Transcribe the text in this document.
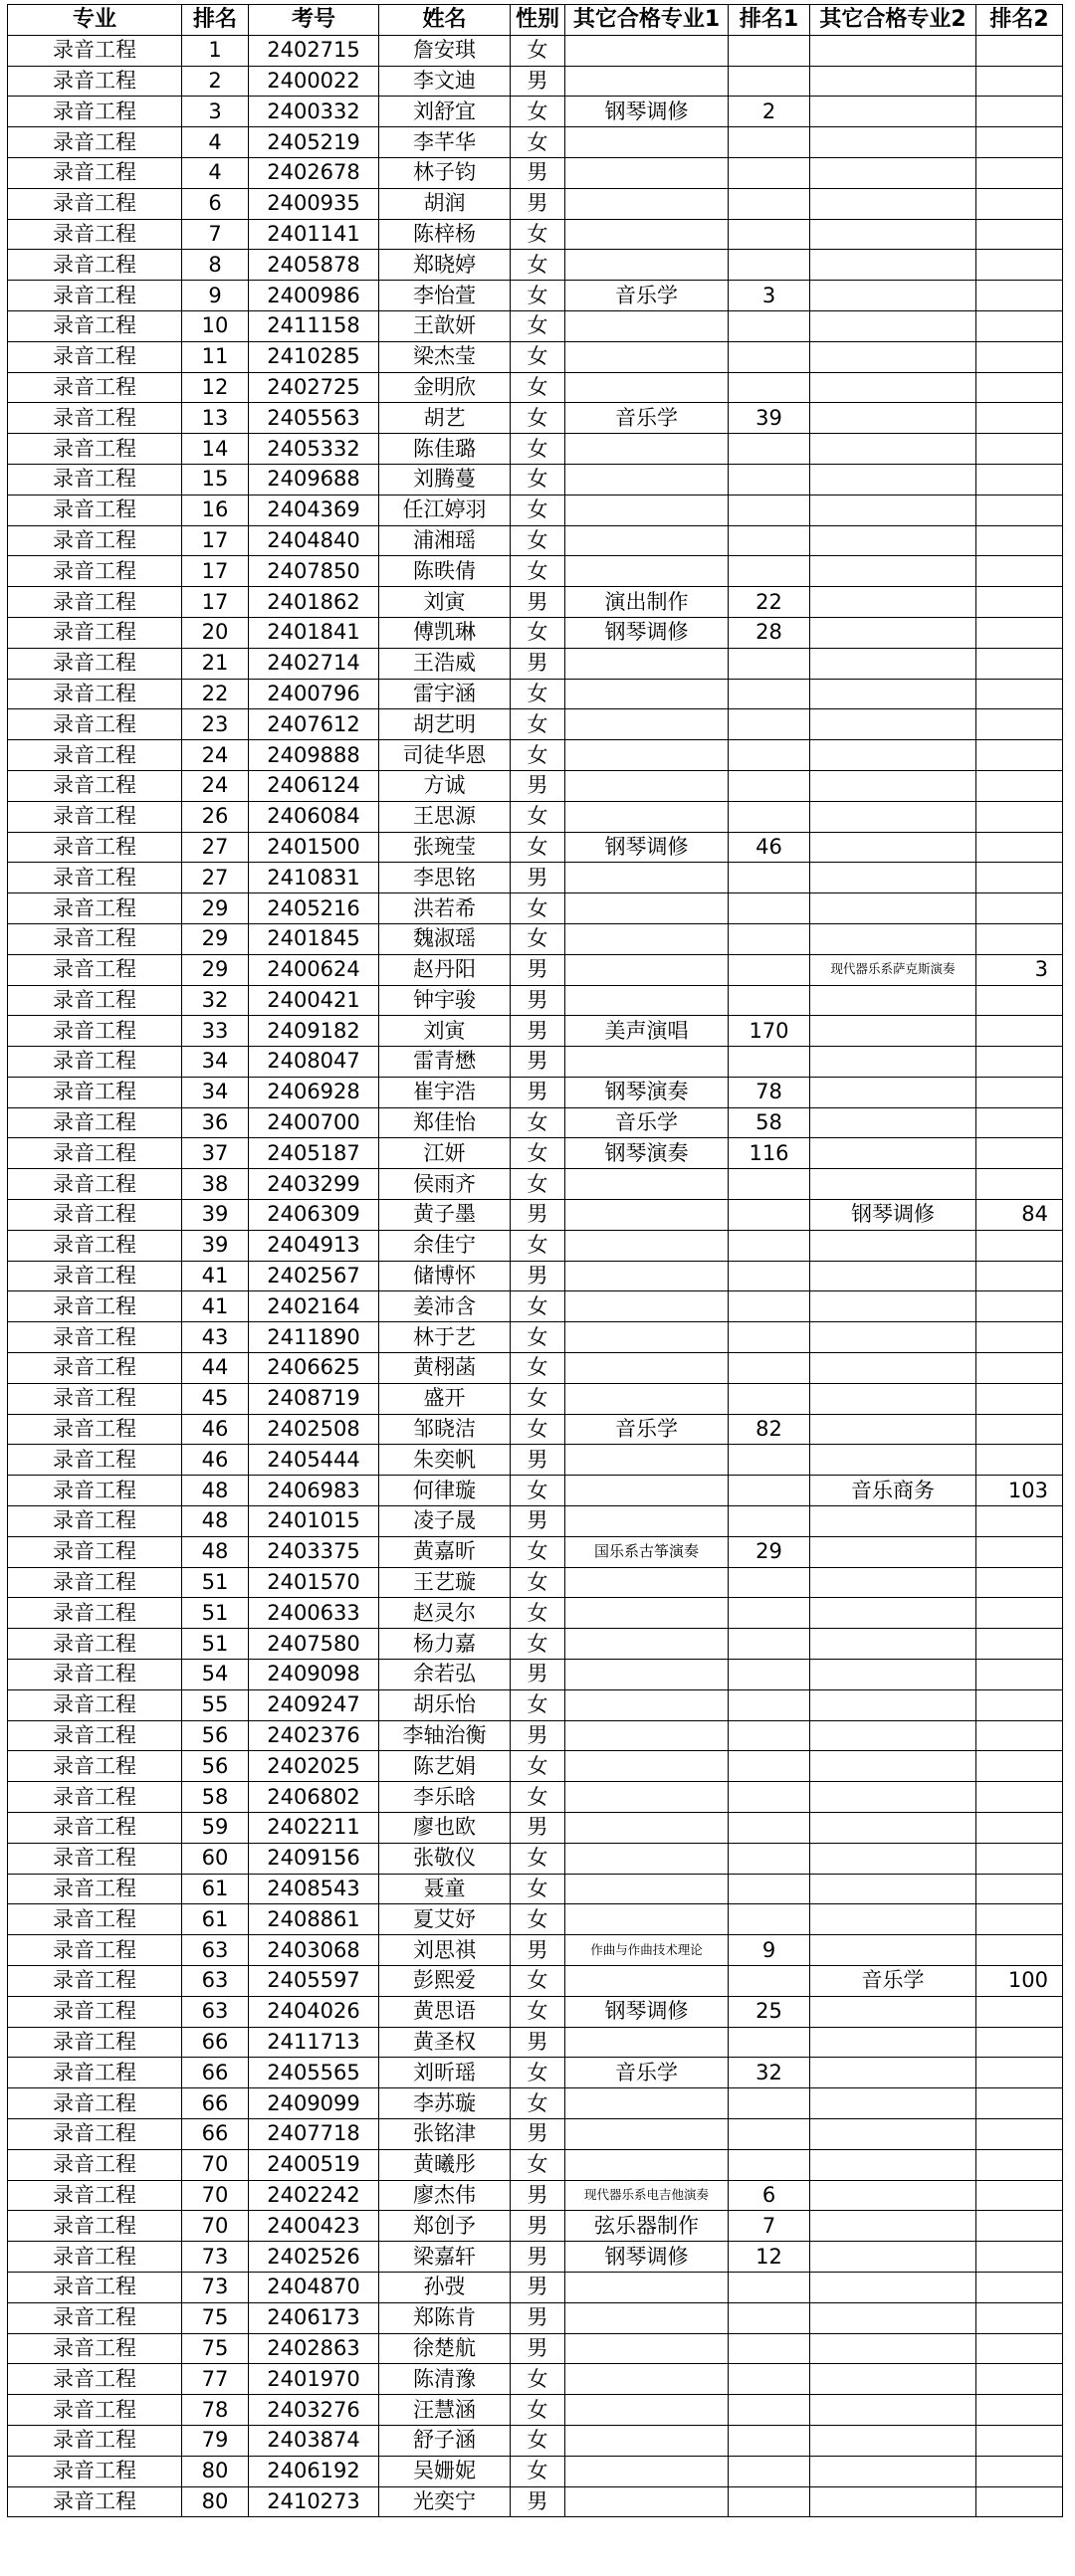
专业	排名	考号	姓名	性别	其它合格专业1	排名1	其它合格专业2	排名2
录音工程	1	2402715	詹安琪	女				
录音工程	2	2400022	李文迪	男				
录音工程	3	2400332	刘舒宜	女	钢琴调修	2		
录音工程	4	2405219	李芊华	女				
录音工程	4	2402678	林子钧	男				
录音工程	6	2400935	胡润	男				
录音工程	7	2401141	陈梓杨	女				
录音工程	8	2405878	郑晓婷	女				
录音工程	9	2400986	李怡萱	女	音乐学	3		
录音工程	10	2411158	王歆妍	女				
录音工程	11	2410285	梁杰莹	女				
录音工程	12	2402725	金明欣	女				
录音工程	13	2405563	胡艺	女	音乐学	39		
录音工程	14	2405332	陈佳璐	女				
录音工程	15	2409688	刘腾蔓	女				
录音工程	16	2404369	任江婷羽	女				
录音工程	17	2404840	浦湘瑶	女				
录音工程	17	2407850	陈昳倩	女				
录音工程	17	2401862	刘寅	男	演出制作	22		
录音工程	20	2401841	傅凯琳	女	钢琴调修	28		
录音工程	21	2402714	王浩威	男				
录音工程	22	2400796	雷宇涵	女				
录音工程	23	2407612	胡艺明	女				
录音工程	24	2409888	司徒华恩	女				
录音工程	24	2406124	方诚	男				
录音工程	26	2406084	王思源	女				
录音工程	27	2401500	张琬莹	女	钢琴调修	46		
录音工程	27	2410831	李思铭	男				
录音工程	29	2405216	洪若希	女				
录音工程	29	2401845	魏淑瑶	女				
录音工程	29	2400624	赵丹阳	男			现代器乐系萨克斯演奏	3
录音工程	32	2400421	钟宇骏	男				
录音工程	33	2409182	刘寅	男	美声演唱	170		
录音工程	34	2408047	雷青懋	男				
录音工程	34	2406928	崔宇浩	男	钢琴演奏	78		
录音工程	36	2400700	郑佳怡	女	音乐学	58		
录音工程	37	2405187	江妍	女	钢琴演奏	116		
录音工程	38	2403299	侯雨齐	女				
录音工程	39	2406309	黄子墨	男			钢琴调修	84
录音工程	39	2404913	余佳宁	女				
录音工程	41	2402567	储博怀	男				
录音工程	41	2402164	姜沛含	女				
录音工程	43	2411890	林于艺	女				
录音工程	44	2406625	黄栩菡	女				
录音工程	45	2408719	盛开	女				
录音工程	46	2402508	邹晓洁	女	音乐学	82		
录音工程	46	2405444	朱奕帆	男				
录音工程	48	2406983	何律璇	女			音乐商务	103
录音工程	48	2401015	凌子晟	男				
录音工程	48	2403375	黄嘉昕	女	国乐系古筝演奏	29		
录音工程	51	2401570	王艺璇	女				
录音工程	51	2400633	赵灵尔	女				
录音工程	51	2407580	杨力嘉	女				
录音工程	54	2409098	余若弘	男				
录音工程	55	2409247	胡乐怡	女				
录音工程	56	2402376	李轴治衡	男				
录音工程	56	2402025	陈艺娟	女				
录音工程	58	2406802	李乐晗	女				
录音工程	59	2402211	廖也欧	男				
录音工程	60	2409156	张敬仪	女				
录音工程	61	2408543	聂童	女				
录音工程	61	2408861	夏艾妤	女				
录音工程	63	2403068	刘思祺	男	作曲与作曲技术理论	9		
录音工程	63	2405597	彭熙爱	女			音乐学	100
录音工程	63	2404026	黄思语	女	钢琴调修	25		
录音工程	66	2411713	黄圣权	男				
录音工程	66	2405565	刘昕瑶	女	音乐学	32		
录音工程	66	2409099	李苏璇	女				
录音工程	66	2407718	张铭津	男				
录音工程	70	2400519	黄曦彤	女				
录音工程	70	2402242	廖杰伟	男	现代器乐系电吉他演奏	6		
录音工程	70	2400423	郑创予	男	弦乐器制作	7		
录音工程	73	2402526	梁嘉轩	男	钢琴调修	12		
录音工程	73	2404870	孙弢	男				
录音工程	75	2406173	郑陈肯	男				
录音工程	75	2402863	徐楚航	男				
录音工程	77	2401970	陈清豫	女				
录音工程	78	2403276	汪慧涵	女				
录音工程	79	2403874	舒子涵	女				
录音工程	80	2406192	吴姗妮	女				
录音工程	80	2410273	光奕宁	男				
